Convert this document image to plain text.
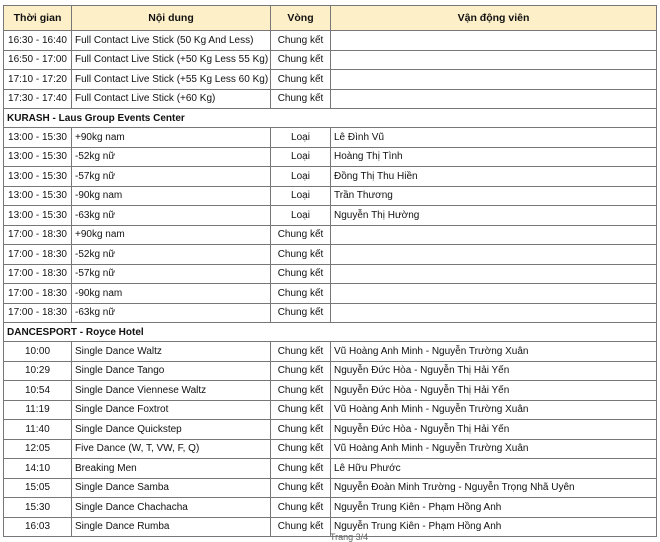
Thời gian	Nội dung	Vòng	Vận động viên
16:30 - 16:40	Full Contact Live Stick (50 Kg And Less)	Chung kết	
16:50 - 17:00	Full Contact Live Stick (+50 Kg Less 55 Kg)	Chung kết	
17:10 - 17:20	Full Contact Live Stick (+55 Kg Less 60 Kg)	Chung kết	
17:30 - 17:40	Full Contact Live Stick (+60 Kg)	Chung kết	
KURASH - Laus Group Events Center			
13:00 - 15:30	+90kg nam	Loại	Lê Đình Vũ
13:00 - 15:30	-52kg nữ	Loại	Hoàng Thị Tình
13:00 - 15:30	-57kg nữ	Loại	Đồng Thị Thu Hiền
13:00 - 15:30	-90kg nam	Loại	Trần Thương
13:00 - 15:30	-63kg nữ	Loại	Nguyễn Thị Hường
17:00 - 18:30	+90kg nam	Chung kết	
17:00 - 18:30	-52kg nữ	Chung kết	
17:00 - 18:30	-57kg nữ	Chung kết	
17:00 - 18:30	-90kg nam	Chung kết	
17:00 - 18:30	-63kg nữ	Chung kết	
DANCESPORT - Royce Hotel			
10:00	Single Dance Waltz	Chung kết	Vũ Hoàng Anh Minh - Nguyễn Trường Xuân
10:29	Single Dance Tango	Chung kết	Nguyễn Đức Hòa - Nguyễn Thị Hải Yến
10:54	Single Dance Viennese Waltz	Chung kết	Nguyễn Đức Hòa - Nguyễn Thị Hải Yến
11:19	Single Dance Foxtrot	Chung kết	Vũ Hoàng Anh Minh - Nguyễn Trường Xuân
11:40	Single Dance Quickstep	Chung kết	Nguyễn Đức Hòa - Nguyễn Thị Hải Yến
12:05	Five Dance (W, T, VW, F, Q)	Chung kết	Vũ Hoàng Anh Minh - Nguyễn Trường Xuân
14:10	Breaking Men	Chung kết	Lê Hữu Phước
15:05	Single Dance Samba	Chung kết	Nguyễn Đoàn Minh Trường - Nguyễn Trọng Nhã Uyên
15:30	Single Dance Chachacha	Chung kết	Nguyễn Trung Kiên - Phạm Hồng Anh
16:03	Single Dance Rumba	Chung kết	Nguyễn Trung Kiên - Phạm Hồng Anh
Trang 3/4
